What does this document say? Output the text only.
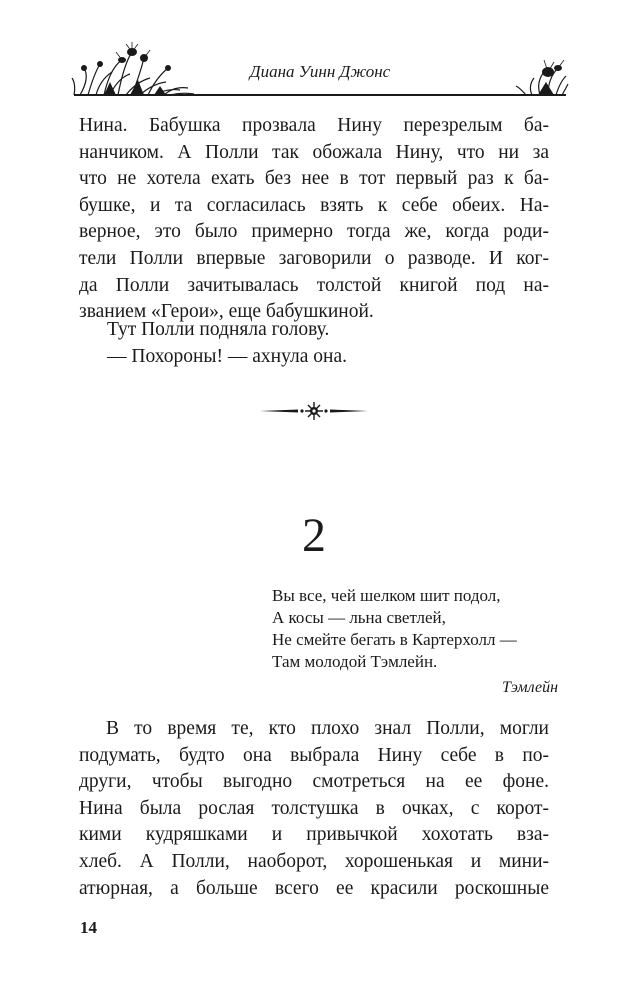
Диана Уинн Джонс
Нина. Бабушка прозвала Нину перезрелым ба-
нанчиком. А Полли так обожала Нину, что ни за
что не хотела ехать без нее в тот первый раз к ба-
бушке, и та согласилась взять к себе обеих. На-
верное, это было примерно тогда же, когда роди-
тели Полли впервые заговорили о разводе. И ког-
да Полли зачитывалась толстой книгой под на-
званием «Герои», еще бабушкиной.

Тут Полли подняла голову.

— Похороны! — ахнула она.

2
Вы все, чей шелком шит подол,
А косы — льна светлей,
Не смейте бегать в Картерхолл —
Там молодой Тэмлейн.
Тэмлейн
В то время те, кто плохо знал Полли, могли
подумать, будто она выбрала Нину себе в по-
други, чтобы выгодно смотреться на ее фоне.
Нина была рослая толстушка в очках, с корот-
кими кудряшками и привычкой хохотать взa-
хлеб. А Полли, наоборот, хорошенькая и мини-
атюрная, а больше всего ее красили роскошные
14
